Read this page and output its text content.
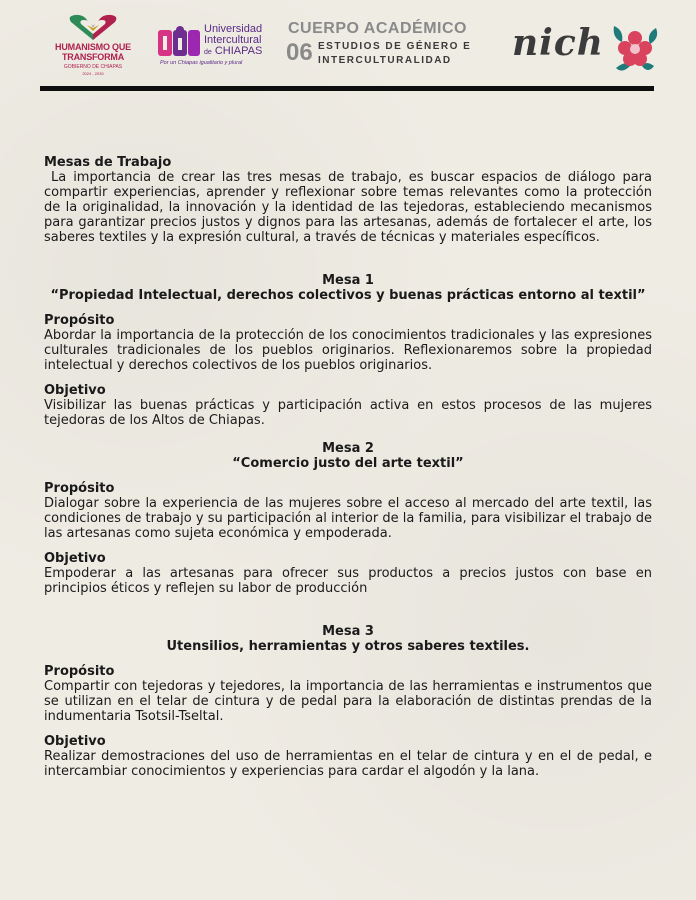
HUMANISMO QUE
TRANSFORMA
GOBIERNO DE CHIAPAS
2024 - 2030
Universidad
Intercultural
de CHIAPAS
Por un Chiapas igualitario y plural
CUERPO ACADÉMICO
06 ESTUDIOS DE GÉNERO E
INTERCULTURALIDAD nich

Mesas de Trabajo

La importancia de crear las tres mesas de trabajo, es buscar espacios de diálogo para compartir experiencias, aprender y reflexionar sobre temas relevantes como la protección de la originalidad, la innovación y la identidad de las tejedoras, estableciendo mecanismos para garantizar precios justos y dignos para las artesanas, además de fortalecer el arte, los saberes textiles y la expresión cultural, a través de técnicas y materiales específicos.

Mesa 1

“Propiedad Intelectual, derechos colectivos y buenas prácticas entorno al textil”

Propósito

Abordar la importancia de la protección de los conocimientos tradicionales y las expresiones culturales tradicionales de los pueblos originarios. Reflexionaremos sobre la propiedad intelectual y derechos colectivos de los pueblos originarios.

Objetivo

Visibilizar las buenas prácticas y participación activa en estos procesos de las mujeres tejedoras de los Altos de Chiapas.

Mesa 2

“Comercio justo del arte textil”

Propósito

Dialogar sobre la experiencia de las mujeres sobre el acceso al mercado del arte textil, las condiciones de trabajo y su participación al interior de la familia, para visibilizar el trabajo de las artesanas como sujeta económica y empoderada.

Objetivo

Empoderar a las artesanas para ofrecer sus productos a precios justos con base en principios éticos y reflejen su labor de producción

Mesa 3

Utensilios, herramientas y otros saberes textiles.

Propósito

Compartir con tejedoras y tejedores, la importancia de las herramientas e instrumentos que se utilizan en el telar de cintura y de pedal para la elaboración de distintas prendas de la indumentaria Tsotsil-Tseltal.

Objetivo

Realizar demostraciones del uso de herramientas en el telar de cintura y en el de pedal, e intercambiar conocimientos y experiencias para cardar el algodón y la lana.
